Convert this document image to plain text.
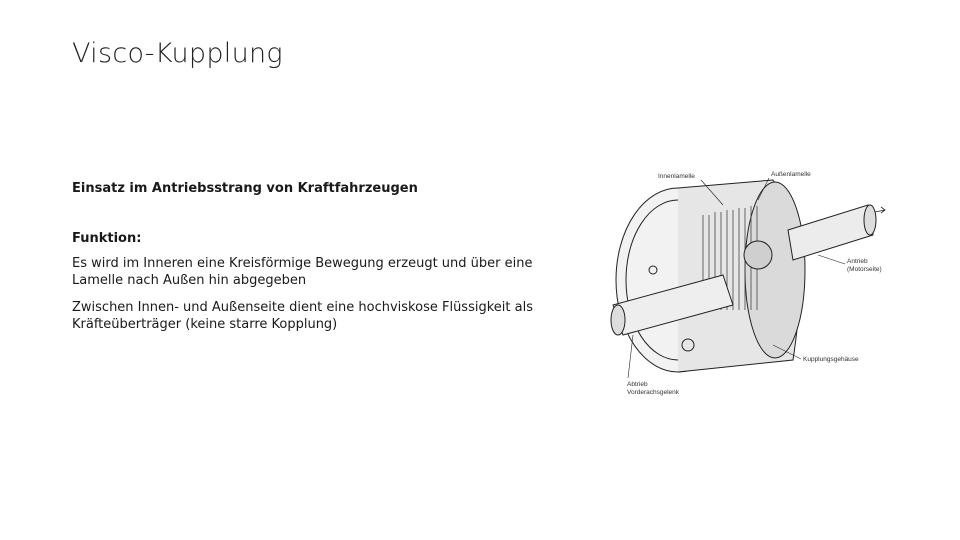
Visco-Kupplung

Einsatz im Antriebsstrang von Kraftfahrzeugen

Funktion:

Es wird im Inneren eine Kreisförmige Bewegung erzeugt und über eine Lamelle nach Außen hin abgegeben

Zwischen Innen- und Außenseite dient eine hochviskose Flüssigkeit als Kräfteüberträger (keine starre Kopplung)

Innenlamelle	Außenlamelle
Antrieb
(Motorseite)
Kupplungsgehäuse
Abtrieb
Vorderachsgelenk
